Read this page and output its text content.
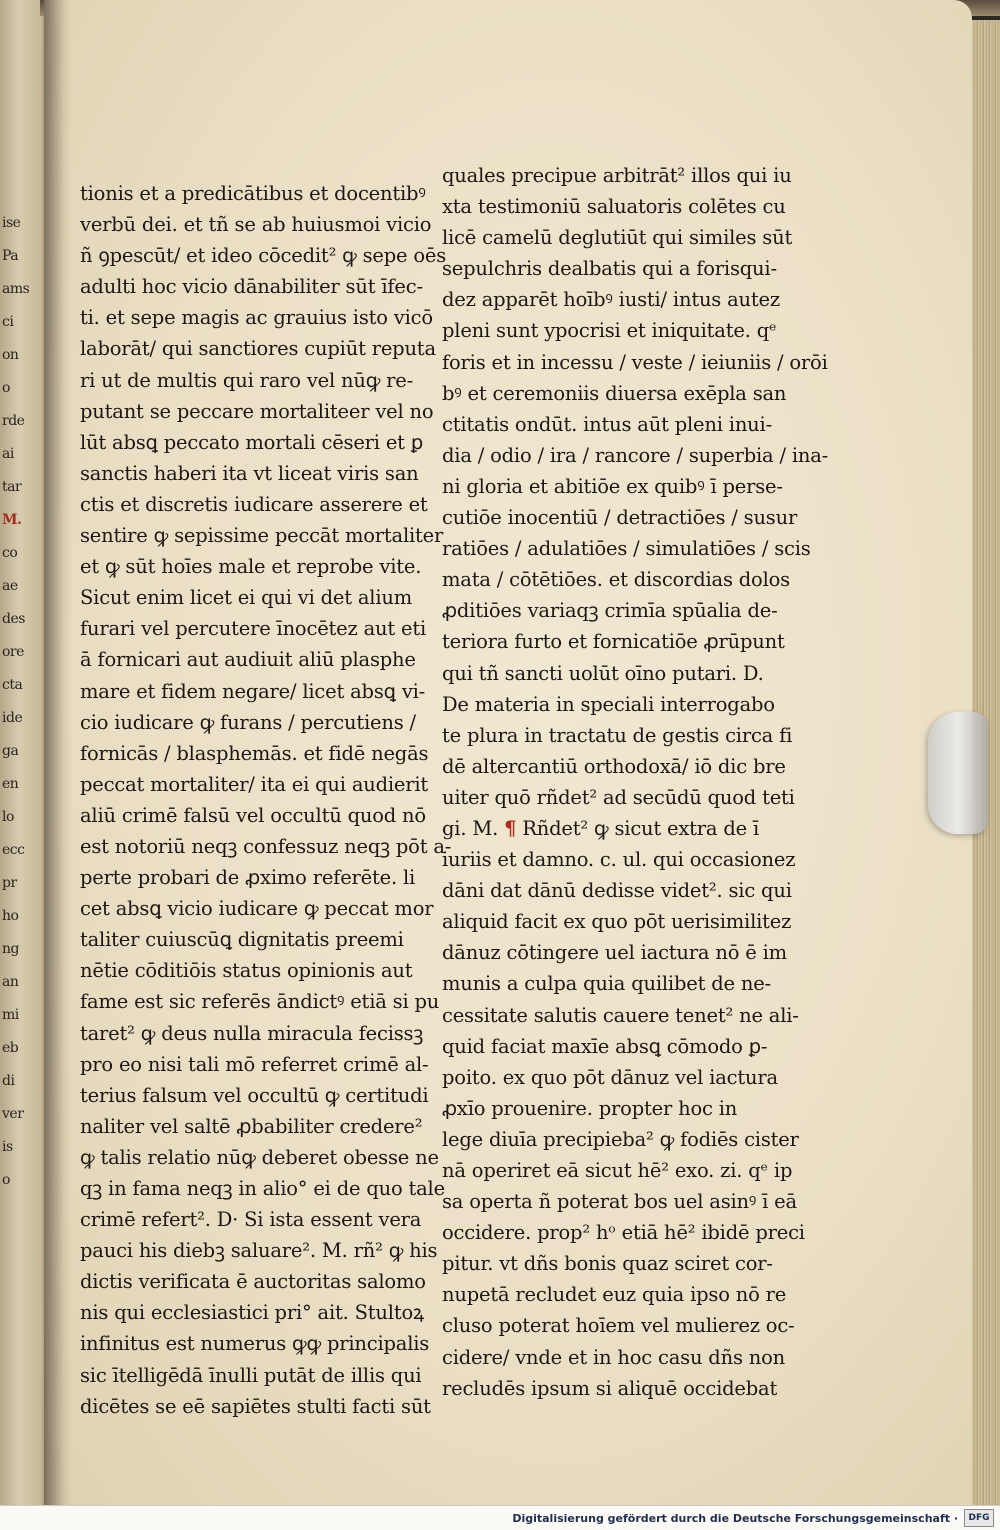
ise
Pa
ams
ci
on
o
rde
ai
tar
M.
co
ae
des
ore
cta
ide
ga
en
lo
ecc
pr
ho
ng
an
mi
eb
di
ver
is
o
tionis et a predicātibus et docentibꝰ
verbū dei. et tñ se ab huiusmoi vicio
ñ ꝯpescūt/ et ideo cōcedit² ꝙ sepe oēs
adulti hoc vicio dānabiliter sūt īfec-
ti. et sepe magis ac grauius isto vicō
laborāt/ qui sanctiores cupiūt reputa
ri ut de multis qui raro vel nūꝙ re-
putant se peccare mortaliteer vel no
lūt absꝗ peccato mortali cēseri et ꝑ
sanctis haberi ita vt liceat viris san
ctis et discretis iudicare asserere et
sentire ꝙ sepissime peccāt mortaliter
et ꝙ sūt hoīes male et reprobe vite.
Sicut enim licet ei qui vi det alium
furari vel percutere īnocētez aut eti
ā fornicari aut audiuit aliū plasphe
mare et fidem negare/ licet absꝗ vi-
cio iudicare ꝙ furans / percutiens /
fornicās / blasphemās. et fidē negās
peccat mortaliter/ ita ei qui audierit
aliū crimē falsū vel occultū quod nō
est notoriū neqꝫ confessuz neqꝫ pōt a-
perte probari de ꝓximo referēte. li
cet absꝗ vicio iudicare ꝙ peccat mor
taliter cuiuscūꝗ dignitatis preemi
nētie cōditiōis status opinionis aut
fame est sic referēs āndictꝰ etiā si pu
taret² ꝙ deus nulla miracula fecissꝫ
pro eo nisi tali mō referret crimē al-
terius falsum vel occultū ꝙ certitudi
naliter vel saltē ꝓbabiliter credere²
ꝙ talis relatio nūꝙ deberet obesse ne
qꝫ in fama neqꝫ in alio° ei de quo tale
crimē refert². D· Si ista essent vera
pauci his diebꝫ saluare². M. rñ² ꝙ his
dictis verificata ē auctoritas salomo
nis qui ecclesiastici pri° ait. Stultoꝝ
infinitus est numerus ꝙꝙ principalis
sic ītelligēdā īnulli putāt de illis qui
dicētes se eē sapiētes stulti facti sūt
quales precipue arbitrāt² illos qui iu
xta testimoniū saluatoris colētes cu
licē camelū deglutiūt qui similes sūt
sepulchris dealbatis qui a forisqui-
dez apparēt hoībꝰ iusti/ intus autez
pleni sunt ypocrisi et iniquitate. qᵉ
foris et in incessu / veste / ieiuniis / orōi
bꝰ et ceremoniis diuersa exēpla san
ctitatis ondūt. intus aūt pleni inui-
dia / odio / ira / rancore / superbia / ina-
ni gloria et abitiōe ex quibꝰ ī perse-
cutiōe inocentiū / detractiōes / susur
ratiōes / adulatiōes / simulatiōes / scis
mata / cōtētiōes. et discordias dolos
ꝓditiōes variaqꝫ crimīa spūalia de-
teriora furto et fornicatiōe ꝓrūpunt
qui tñ sancti uolūt oīno putari. D.
De materia in speciali interrogabo
te plura in tractatu de gestis circa fi
dē altercantiū orthodoxā/ iō dic bre
uiter quō rñdet² ad secūdū quod teti
gi. M. ¶ Rñdet² ꝙ sicut extra de ī
iuriis et damno. c. ul. qui occasionez
dāni dat dānū dedisse videt². sic qui
aliquid facit ex quo pōt uerisimilitez
dānuz cōtingere uel iactura nō ē im
munis a culpa quia quilibet de ne-
cessitate salutis cauere tenet² ne ali-
quid faciat maxīe absꝗ cōmodo ꝑ-
poito. ex quo pōt dānuz vel iactura
ꝓxīo prouenire. propter hoc in
lege diuīa precipieba² ꝙ fodiēs cister
nā operiret eā sicut hē² exo. zi. qᵉ ip
sa operta ñ poterat bos uel asinꝰ ī eā
occidere. prop² hᵒ etiā hē² ibidē preci
pitur. vt dñs bonis quaz sciret cor-
nupetā recludet euz quia ipso nō re
cluso poterat hoīem vel mulierez oc-
cidere/ vnde et in hoc casu dñs non
recludēs ipsum si aliquē occidebat
Digitalisierung gefördert durch die Deutsche Forschungsgemeinschaft ·	DFG
